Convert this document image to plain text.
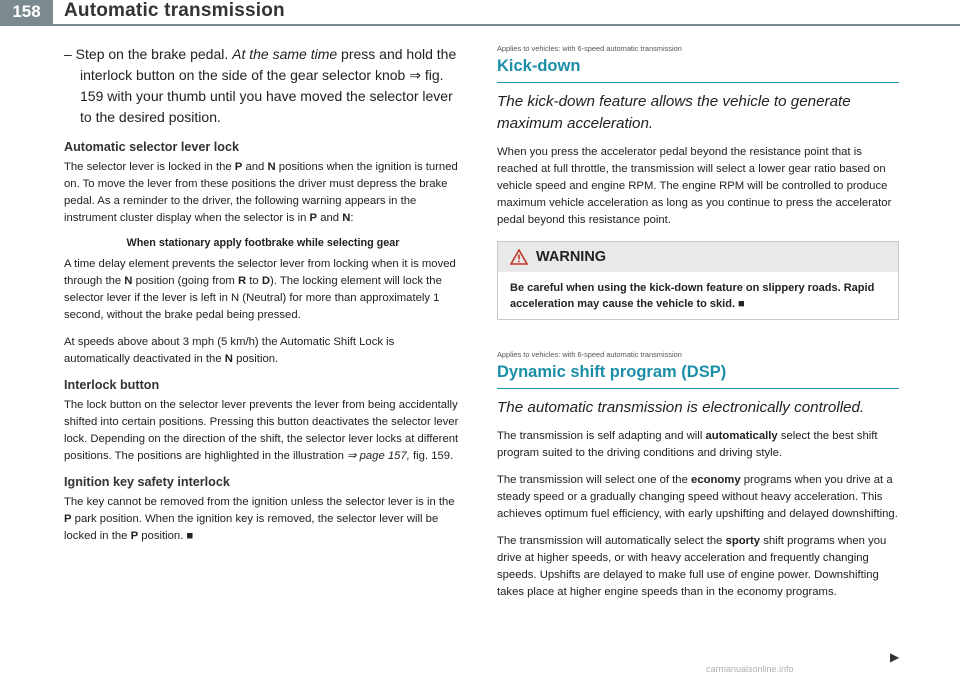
158	Automatic transmission

– Step on the brake pedal. At the same time press and hold the interlock button on the side of the gear selector knob ⇒ fig. 159 with your thumb until you have moved the selector lever to the desired position.

Automatic selector lever lock

The selector lever is locked in the P and N positions when the ignition is turned on. To move the lever from these positions the driver must depress the brake pedal. As a reminder to the driver, the following warning appears in the instrument cluster display when the selector is in P and N:

When stationary apply footbrake while selecting gear

A time delay element prevents the selector lever from locking when it is moved through the N position (going from R to D). The locking element will lock the selector lever if the lever is left in N (Neutral) for more than approximately 1 second, without the brake pedal being pressed.

At speeds above about 3 mph (5 km/h) the Automatic Shift Lock is automatically deactivated in the N position.

Interlock button

The lock button on the selector lever prevents the lever from being accidentally shifted into certain positions. Pressing this button deactivates the selector lever lock. Depending on the direction of the shift, the selector lever locks at different positions. The positions are highlighted in the illustration ⇒ page 157, fig. 159.

Ignition key safety interlock

The key cannot be removed from the ignition unless the selector lever is in the P park position. When the ignition key is removed, the selector lever will be locked in the P position. ■

Applies to vehicles: with 6-speed automatic transmission
Kick-down

The kick-down feature allows the vehicle to generate maximum acceleration.

When you press the accelerator pedal beyond the resistance point that is reached at full throttle, the transmission will select a lower gear ratio based on vehicle speed and engine RPM. The engine RPM will be controlled to produce maximum vehicle acceleration as long as you continue to press the accelerator pedal beyond this resistance point.

WARNING
Be careful when using the kick-down feature on slippery roads. Rapid acceleration may cause the vehicle to skid. ■
Applies to vehicles: with 6-speed automatic transmission
Dynamic shift program (DSP)

The automatic transmission is electronically controlled.

The transmission is self adapting and will automatically select the best shift program suited to the driving conditions and driving style.

The transmission will select one of the economy programs when you drive at a steady speed or a gradually changing speed without heavy acceleration. This achieves optimum fuel efficiency, with early upshifting and delayed downshifting.

The transmission will automatically select the sporty shift programs when you drive at higher speeds, or with heavy acceleration and frequently changing speeds. Upshifts are delayed to make full use of engine power. Downshifting takes place at higher engine speeds than in the economy programs.

▶
carmanualsonline.info
